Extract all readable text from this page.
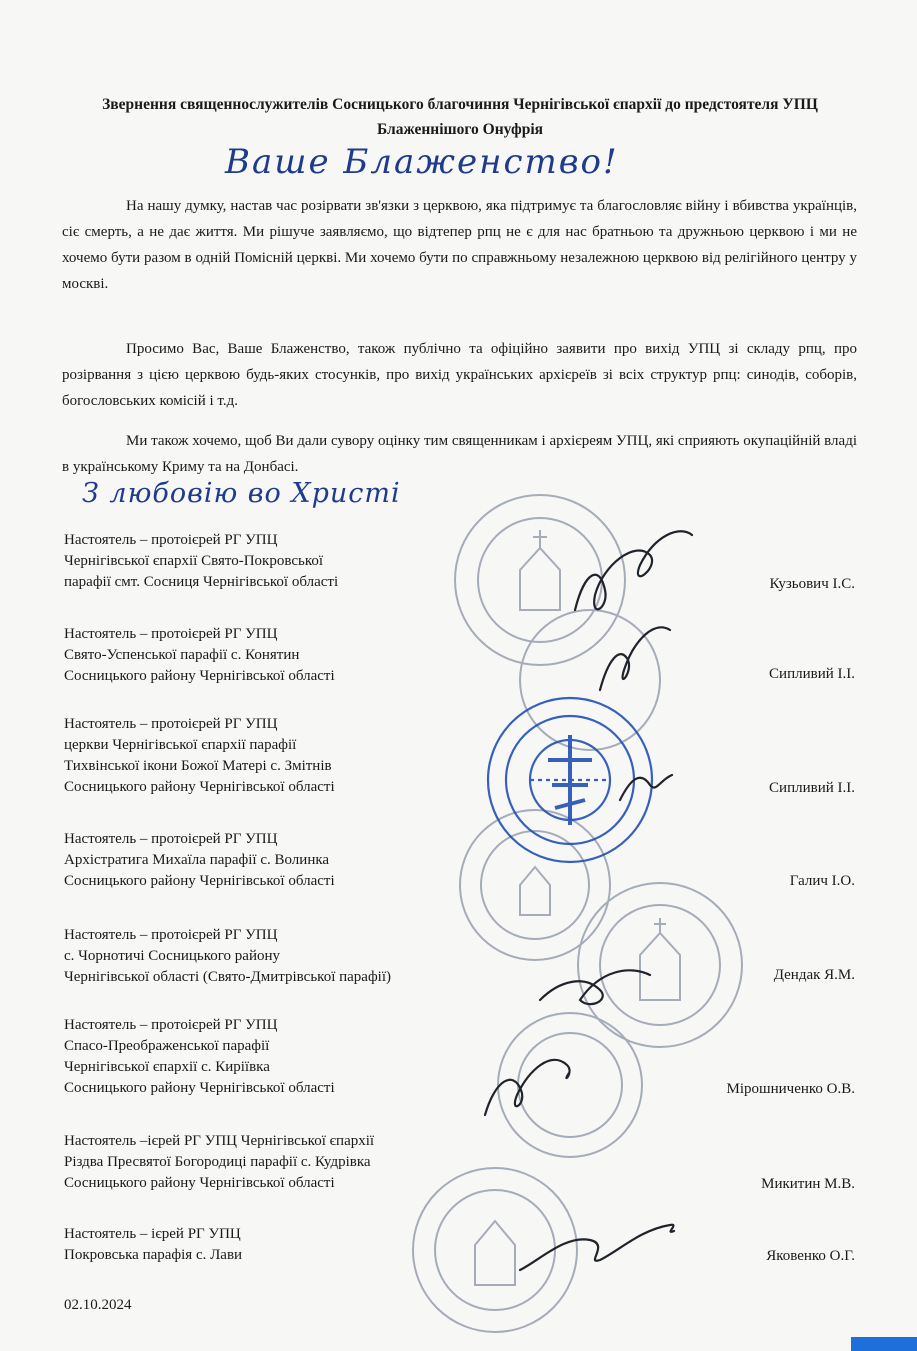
Звернення священнослужителів Сосницького благочиння Чернігівської єпархії до предстоятеля УПЦ Блаженнішого Онуфрія
Ваше Блаженство!
На нашу думку, настав час розірвати зв'язки з церквою, яка підтримує та благословляє війну і вбивства українців, сіє смерть, а не дає життя. Ми рішуче заявляємо, що відтепер рпц не є для нас братньою та дружньою церквою і ми не хочемо бути разом в одній Помісній церкві. Ми хочемо бути по справжньому незалежною церквою від релігійного центру у москві.
Просимо Вас, Ваше Блаженство, також публічно та офіційно заявити про вихід УПЦ зі складу рпц, про розірвання з цією церквою будь-яких стосунків, про вихід українських архієреїв зі всіх структур рпц: синодів, соборів, богословських комісій і т.д.
Ми також хочемо, щоб Ви дали сувору оцінку тим священникам і архієреям УПЦ, які сприяють окупаційній владі в українському Криму та на Донбасі.
З любовію во Христі
Настоятель – протоієрей РГ УПЦ
Чернігівської єпархії Свято-Покровської
парафії смт. Сосниця Чернігівської області	Кузьович І.С.
Настоятель – протоієрей РГ УПЦ
Свято-Успенської парафії с. Конятин
Сосницького району Чернігівської області	Сипливий І.І.
Настоятель – протоієрей РГ УПЦ
церкви Чернігівської єпархії парафії
Тихвінської ікони Божої Матері с. Змітнів
Сосницького району Чернігівської області	Сипливий І.І.
Настоятель – протоієрей РГ УПЦ
Архістратига Михаїла парафії с. Волинка
Сосницького району Чернігівської області	Галич І.О.
Настоятель – протоієрей РГ УПЦ
с. Чорнотичі Сосницького району
Чернігівської області (Свято-Дмитрівської парафії)	Дендак Я.М.
Настоятель – протоієрей РГ УПЦ
Спасо-Преображенської парафії
Чернігівської єпархії с. Киріївка
Сосницького району Чернігівської області	Мірошниченко О.В.
Настоятель –ієрей РГ УПЦ Чернігівської єпархії
Різдва Пресвятої Богородиці парафії с. Кудрівка
Сосницького району Чернігівської області	Микитин М.В.
Настоятель – ієрей РГ УПЦ
Покровська парафія с. Лави	Яковенко О.Г.
02.10.2024
